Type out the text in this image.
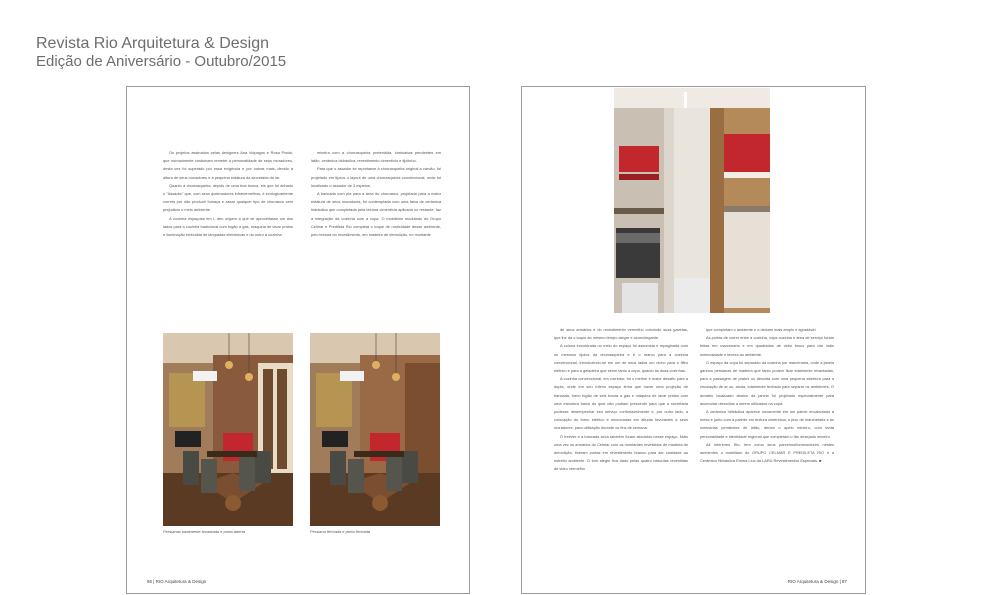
Revista Rio Arquitetura & Design
Edição de Aniversário - Outubro/2015

Os projetos assinados pelas designers Ana Volpagos e Rosa Prado, que normalmente costumam remeter à personalidade de seus moradores, desta vez foi superado por essa exigência e por outras mais, devido à altura de seus moradores e à pequena estatura da secretária do lar.

Quanto à churrasqueira, depois de uma boa busca, eis que foi achado o "Assador" que, com seus queimadores infravermelhos, é ecologicamente correto por não produzir fumaça e assar qualquer tipo de churrasco sem prejudicar o meio ambiente.

A cozinha espaçosa em L deu origem a que se aproveitasse um dos lados para a cozinha tradicional com fogão a gás, máquina de lavar pratos e iluminação embutida de lâmpadas eletrônicas e do outro a cozinha

mineira com a churrasqueira pretendida, luminárias pendentes em latão, cerâmica hidráulica, revestimento cimentício e tijolinho.

Para que o assador se reportasse à churrasqueira original a carvão, foi projetado em tijolos o layout de uma churrasqueira convencional, onde foi localizado o assador de 3 espetos.

A bancada com pia para a área do churrasco, projetada para a maior estatura de seus moradores, foi contemplada com uma faixa de cerâmica hidráulica que completada pela textura cimentícia aplicada no restante, faz a integração da cozinha com a copa. O mobiliário modulado do Grupo Celmar e Predileta Rio completa o toque de rusticidade desse ambiente, pelo textura do revestimento, em madeira de demolição, no montante

Persianas totalmente levantada e porta aberta	Persiana fechada e porta fechada
86 | RIO Arquitetura & Design

de seus armários e do revestimento vermelho colorindo suas gavetas, que lhe dá o toque ao mesmo tempo alegre e aconchegante.

A coluna encontrada no meio do espaço foi assumida e repaginada com os mesmos tijolos da churrasqueira e é o marco para a cozinha convencional, introduzindo-se em um de seus lados um nicho para o filtro elétrico e para a geladeira que serve tanto a copa, quanto às duas cozinhas.

A cozinha convencional, em corredor, foi o melhor e maior desafio para a dupla, onde em seu ínfimo espaço tinha que haver uma projeção de bancada, forno fogão de seis bocas a gás e máquina de lavar pratos com uma estrutura baixa do qual não podiam prescindir para que a secretária pudesse desempenhar seu serviço confortavelmente e, por outro lado, a colocação do forno elétrico e microondas em alturas favoráveis a seus moradores, para utilização durante os fins de semana.

O freezer e a bancada seca também foram alocados nesse espaço. Mais uma vez os armários do Celmar com os montantes revestidos de madeira de demolição, tiveram portas em revestimento branco para dar claridade ao estreito ambiente. O tom alegre fica dado pelas quatro básculas revestidas de vidro vermelho

que completam o ambiente e o deixam mais amplo e agradável.

As portas de correr entre a cozinha, copa cozinha e área de serviço foram feitas em marcenaria e em quadrados de vidro fosco para dar mais luminosidade e leveza ao ambiente.

O espaço da copa foi separado da cozinha por marcenaria, onde a janela ganhou persianas de madeira que tanto podem ficar totalmente levantadas, para a passagem de pratos ou descida com uma pequena abertura para a circulação de ar ou, ainda, totalmente fechada para separar os ambientes. O armário localizado abaixo da janela foi projetado especialmente para acomodar utensílios a serem utilizados na copa.

A cerâmica hidráulica aparece novamente em um painel encaixotado a mesa e junto com a parede em textura cimentícia, o piso de marchetaria e as luminárias pendentes de latão, deram o apelo mineiro, com tanta personalidade e identidade regional que completam o tão desejado mineiro.

All Interiores Rio, tem como seus parceiros/fornecedores nestes ambientes o mobiliário do GRUPO CELMAR E PREDILETA RIO e a Cerâmica Hidráulica Emma Lluc da LARU Revestimentos Especiais. ■

RIO Arquitetura & Design | 87
